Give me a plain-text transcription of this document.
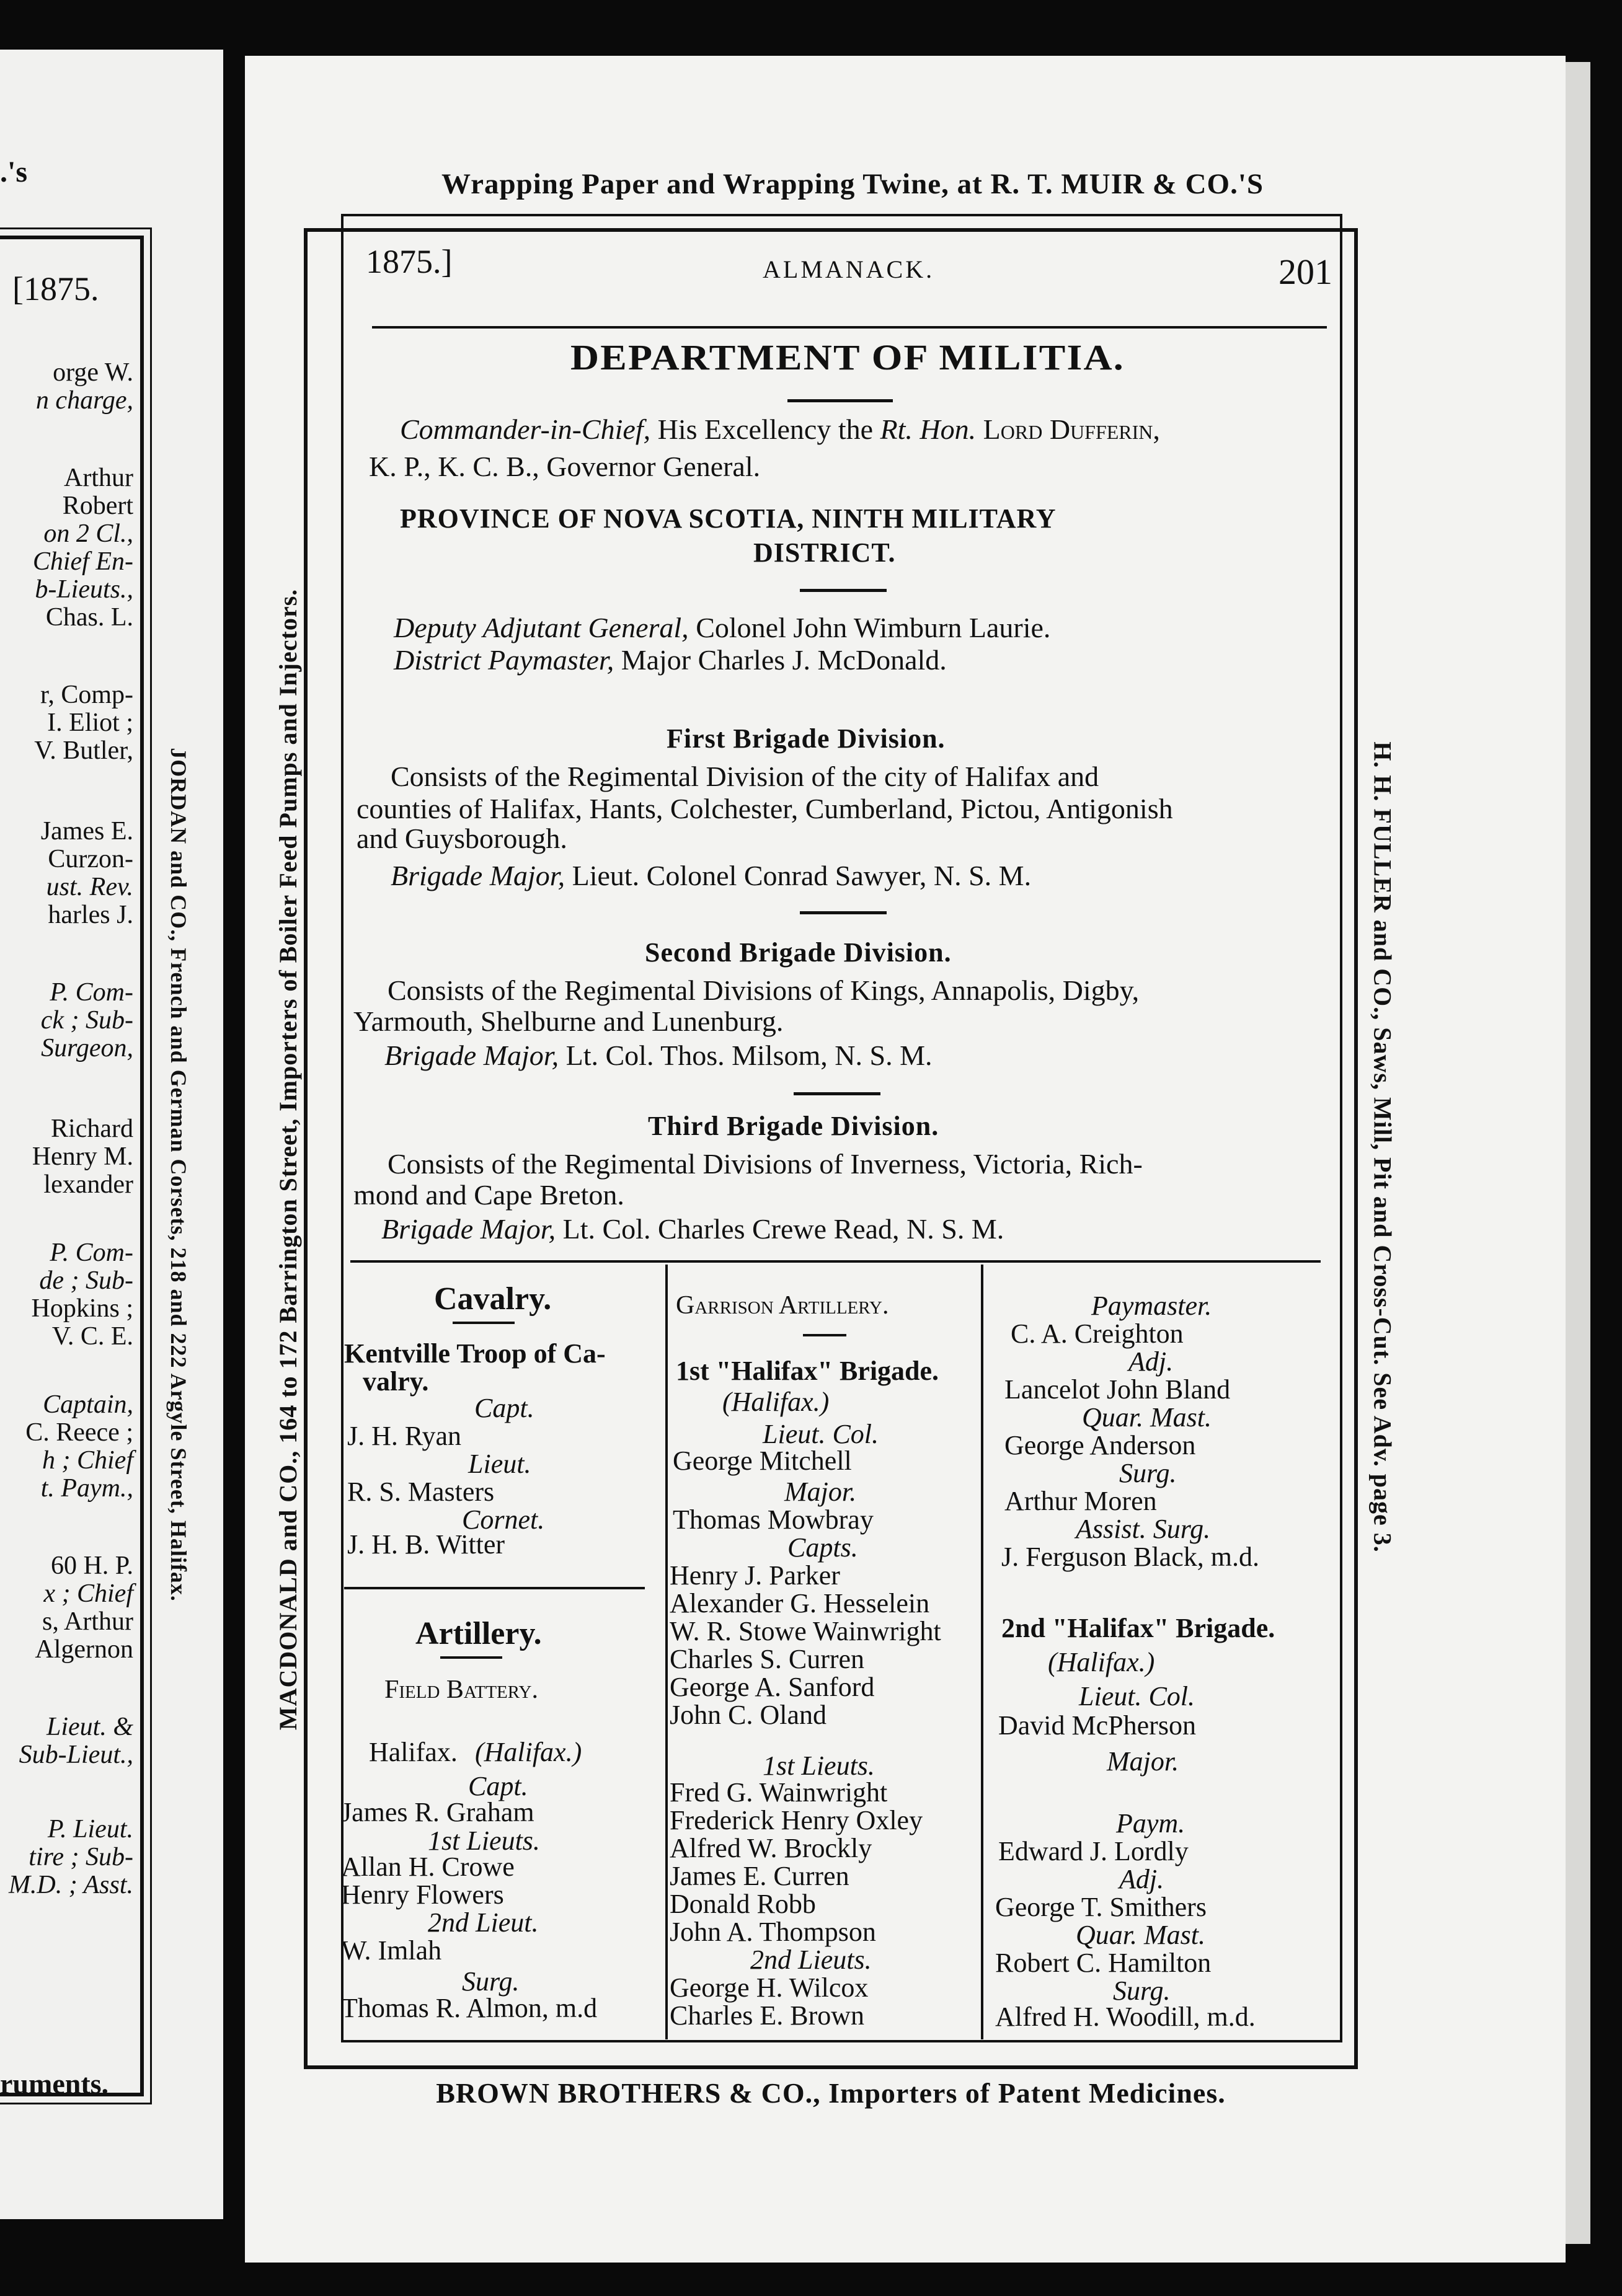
.'s
[1875.
orge W.
n charge,
Arthur
Robert
on 2 Cl.,
Chief En-
b-Lieuts.,
Chas. L.
r, Comp-
I. Eliot ;
V. Butler,
James E.
Curzon-
ust. Rev.
harles J.
P. Com-
ck ; Sub-
Surgeon,
Richard
Henry M.
lexander
P. Com-
de ; Sub-
Hopkins ;
V. C. E.
Captain,
C. Reece ;
h ; Chief
t. Paym.,
60 H. P.
x ; Chief
s, Arthur
Algernon
Lieut. &
Sub-Lieut.,
P. Lieut.
tire ; Sub-
M.D. ; Asst.
JORDAN and CO., French and German Corsets, 218 and 222 Argyle Street, Halifax.
ruments.
Wrapping Paper and Wrapping Twine, at R. T. MUIR & CO.'S
BROWN BROTHERS & CO., Importers of Patent Medicines.
MACDONALD and CO., 164 to 172 Barrington Street, Importers of Boiler Feed Pumps and Injectors.	H. H. FULLER and CO., Saws, Mill, Pit and Cross-Cut. See Adv. page 3.
1875.]	ALMANACK.	201
DEPARTMENT OF MILITIA.
Commander-in-Chief, His Excellency the Rt. Hon. Lord Dufferin,
K. P., K. C. B., Governor General.
PROVINCE OF NOVA SCOTIA, NINTH MILITARY
DISTRICT.
Deputy Adjutant General, Colonel John Wimburn Laurie.
District Paymaster, Major Charles J. McDonald.
First Brigade Division.
Consists of the Regimental Division of the city of Halifax and
counties of Halifax, Hants, Colchester, Cumberland, Pictou, Antigonish
and Guysborough.
Brigade Major, Lieut. Colonel Conrad Sawyer, N. S. M.
Second Brigade Division.
Consists of the Regimental Divisions of Kings, Annapolis, Digby,
Yarmouth, Shelburne and Lunenburg.
Brigade Major, Lt. Col. Thos. Milsom, N. S. M.
Third Brigade Division.
Consists of the Regimental Divisions of Inverness, Victoria, Rich-
mond and Cape Breton.
Brigade Major, Lt. Col. Charles Crewe Read, N. S. M.
Cavalry.
Kentville Troop of Ca-
valry.
Capt.
J. H. Ryan
Lieut.
R. S. Masters
Cornet.
J. H. B. Witter
Artillery.
Field Battery.
Halifax. (Halifax.)
Capt.
James R. Graham
1st Lieuts.
Allan H. Crowe
Henry Flowers
2nd Lieut.
W. Imlah
Surg.
Thomas R. Almon, m.d
Garrison Artillery.
1st "Halifax" Brigade.
(Halifax.)
Lieut. Col.
George Mitchell
Major.
Thomas Mowbray
Capts.
Henry J. Parker
Alexander G. Hesselein
W. R. Stowe Wainwright
Charles S. Curren
George A. Sanford
John C. Oland
1st Lieuts.
Fred G. Wainwright
Frederick Henry Oxley
Alfred W. Brockly
James E. Curren
Donald Robb
John A. Thompson
2nd Lieuts.
George H. Wilcox
Charles E. Brown
Paymaster.
C. A. Creighton
Adj.
Lancelot John Bland
Quar. Mast.
George Anderson
Surg.
Arthur Moren
Assist. Surg.
J. Ferguson Black, m.d.
2nd "Halifax" Brigade.
(Halifax.)
Lieut. Col.
David McPherson
Major.
Paym.
Edward J. Lordly
Adj.
George T. Smithers
Quar. Mast.
Robert C. Hamilton
Surg.
Alfred H. Woodill, m.d.
